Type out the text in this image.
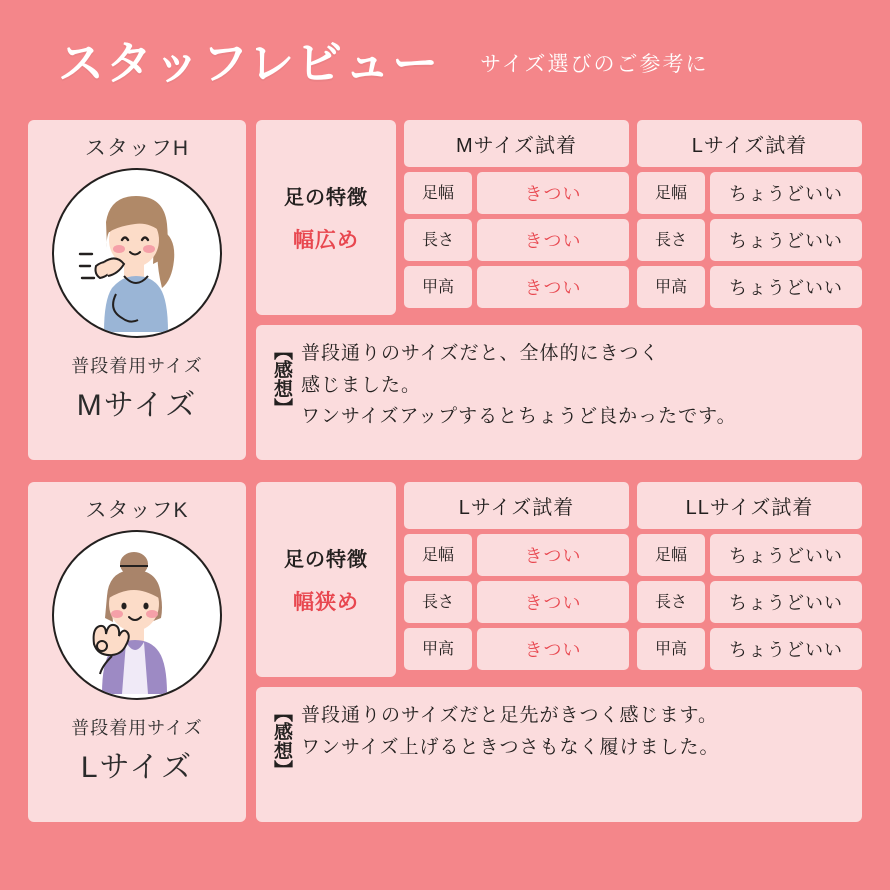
スタッフレビュー サイズ選びのご参考に
スタッフH
普段着用サイズ
Mサイズ
足の特徴
幅広め
Mサイズ試着
足幅	きつい
長さ	きつい
甲高	きつい
Lサイズ試着
足幅	ちょうどいい
長さ	ちょうどいい
甲高	ちょうどいい
【感想】 普段通りのサイズだと、全体的にきつく
感じました。
ワンサイズアップするとちょうど良かったです。
スタッフK
普段着用サイズ
Lサイズ
足の特徴
幅狭め
Lサイズ試着
足幅	きつい
長さ	きつい
甲高	きつい
LLサイズ試着
足幅	ちょうどいい
長さ	ちょうどいい
甲高	ちょうどいい
【感想】 普段通りのサイズだと足先がきつく感じます。
ワンサイズ上げるときつさもなく履けました。
